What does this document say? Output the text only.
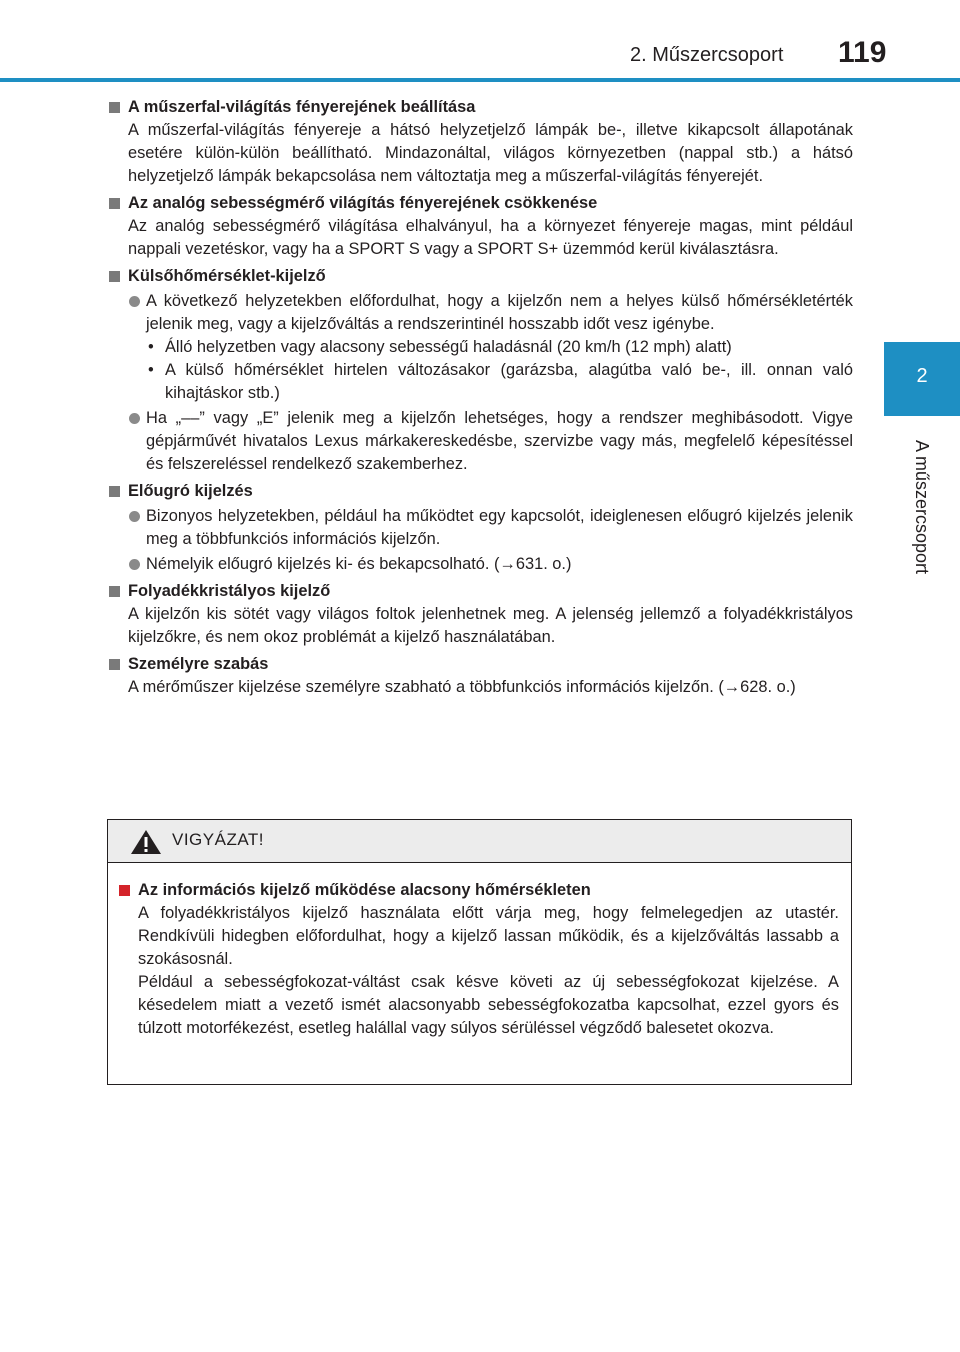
2. Műszercsoport 119
2
A műszercsoport
A műszerfal-világítás fényerejének beállítása
A műszerfal-világítás fényereje a hátsó helyzetjelző lámpák be-, illetve kikapcsolt állapotának esetére külön-külön beállítható. Mindazonáltal, világos környezetben (nappal stb.) a hátsó helyzetjelző lámpák bekapcsolása nem változtatja meg a műszerfal-világítás fényerejét.
Az analóg sebességmérő világítás fényerejének csökkenése
Az analóg sebességmérő világítása elhalványul, ha a környezet fényereje magas, mint például nappali vezetéskor, vagy ha a SPORT S vagy a SPORT S+ üzemmód kerül kiválasztásra.
Külsőhőmérséklet-kijelző
A következő helyzetekben előfordulhat, hogy a kijelzőn nem a helyes külső hőmérsékletérték jelenik meg, vagy a kijelzőváltás a rendszerintinél hosszabb időt vesz igénybe.
• Álló helyzetben vagy alacsony sebességű haladásnál (20 km/h (12 mph) alatt)
• A külső hőmérséklet hirtelen változásakor (garázsba, alagútba való be-, ill. onnan való kihajtáskor stb.)
Ha „––” vagy „E” jelenik meg a kijelzőn lehetséges, hogy a rendszer meghibásodott. Vigye gépjárművét hivatalos Lexus márkakereskedésbe, szervizbe vagy más, megfelelő képesítéssel és felszereléssel rendelkező szakemberhez.
Előugró kijelzés
Bizonyos helyzetekben, például ha működtet egy kapcsolót, ideiglenesen előugró kijelzés jelenik meg a többfunkciós információs kijelzőn.
Némelyik előugró kijelzés ki- és bekapcsolható. (→631. o.)
Folyadékkristályos kijelző
A kijelzőn kis sötét vagy világos foltok jelenhetnek meg. A jelenség jellemző a folyadékkristályos kijelzőkre, és nem okoz problémát a kijelző használatában.
Személyre szabás
A mérőműszer kijelzése személyre szabható a többfunkciós információs kijelzőn. (→628. o.)
VIGYÁZAT!
Az információs kijelző működése alacsony hőmérsékleten
A folyadékkristályos kijelző használata előtt várja meg, hogy felmelegedjen az utastér. Rendkívüli hidegben előfordulhat, hogy a kijelző lassan működik, és a kijelzőváltás lassabb a szokásosnál.
Például a sebességfokozat-váltást csak késve követi az új sebességfokozat kijelzése. A késedelem miatt a vezető ismét alacsonyabb sebességfokozatba kapcsolhat, ezzel gyors és túlzott motorfékezést, esetleg halállal vagy súlyos sérüléssel végződő balesetet okozva.
